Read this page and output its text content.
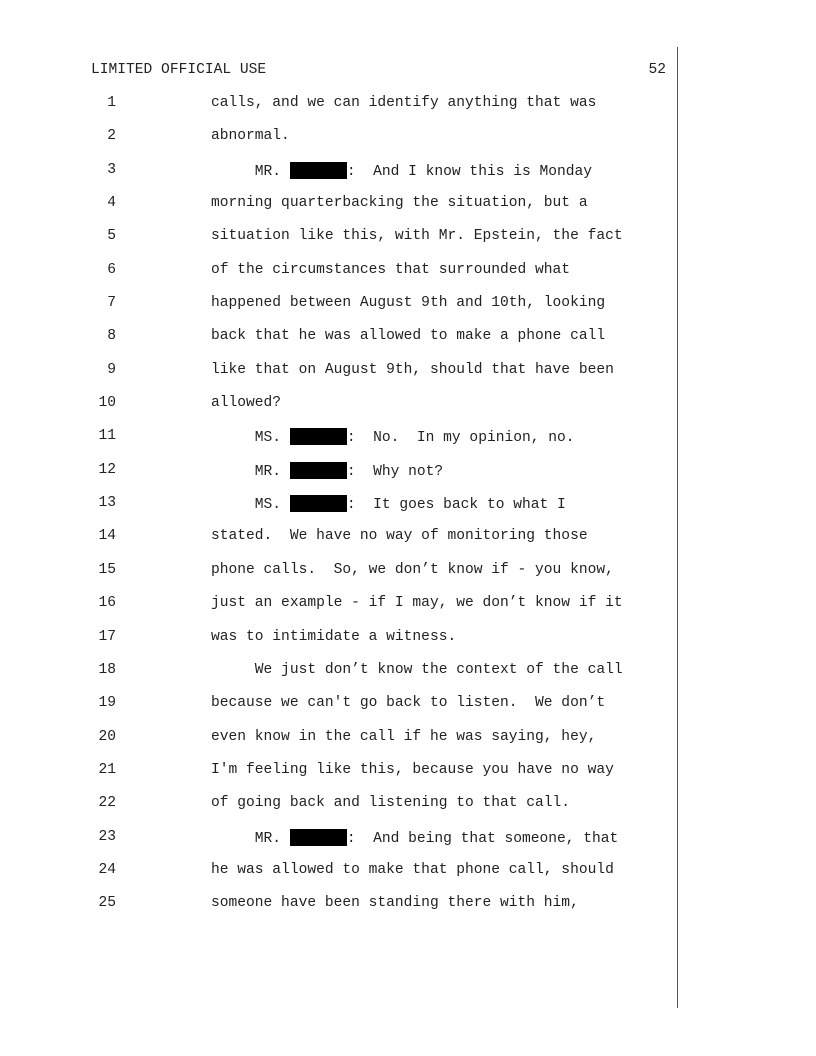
LIMITED OFFICIAL USE	52
1	calls, and we can identify anything that was
2	abnormal.
3	MR.	:  And I know this is Monday
4	morning quarterbacking the situation, but a
5	situation like this, with Mr. Epstein, the fact
6	of the circumstances that surrounded what
7	happened between August 9th and 10th, looking
8	back that he was allowed to make a phone call
9	like that on August 9th, should that have been
10	allowed?
11	MS.	:  No.  In my opinion, no.
12	MR.	:  Why not?
13	MS.	:  It goes back to what I
14	stated.  We have no way of monitoring those
15	phone calls.  So, we don’t know if - you know,
16	just an example - if I may, we don’t know if it
17	was to intimidate a witness.
18	We just don’t know the context of the call
19	because we can't go back to listen.  We don’t
20	even know in the call if he was saying, hey,
21	I'm feeling like this, because you have no way
22	of going back and listening to that call.
23	MR.	:  And being that someone, that
24	he was allowed to make that phone call, should
25	someone have been standing there with him,
